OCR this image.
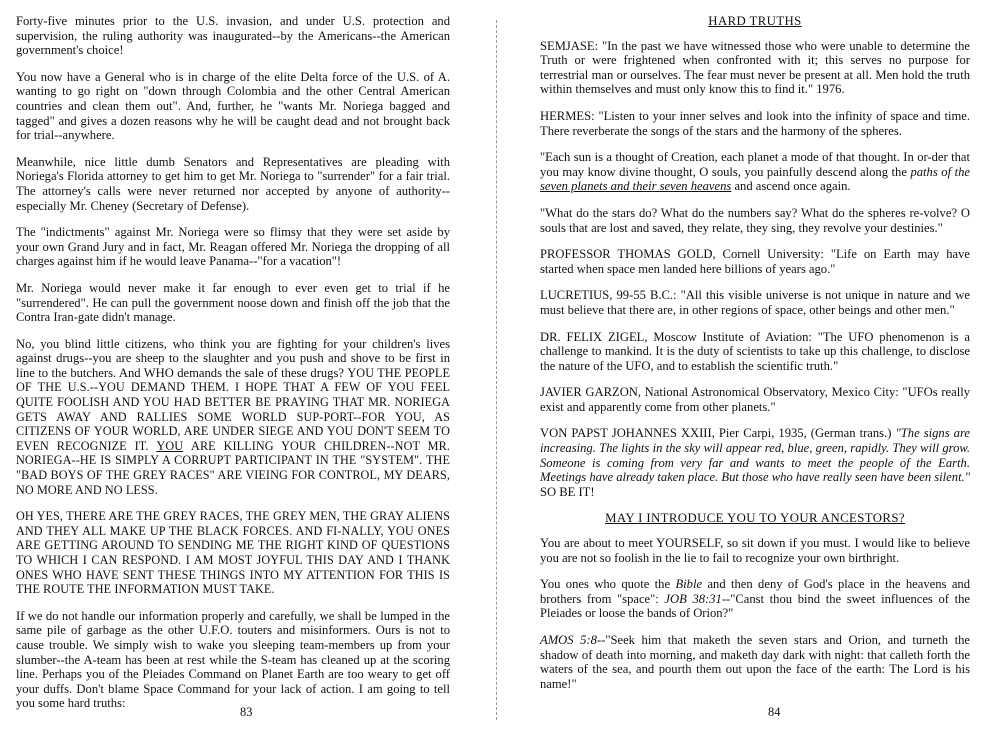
Forty-five minutes prior to the U.S. invasion, and under U.S. protection and supervision, the ruling authority was inaugurated--by the Americans--the American government's choice!

You now have a General who is in charge of the elite Delta force of the U.S. of A. wanting to go right on "down through Colombia and the other Central American countries and clean them out". And, further, he "wants Mr. Noriega bagged and tagged" and gives a dozen reasons why he will be caught dead and not brought back for trial--anywhere.

Meanwhile, nice little dumb Senators and Representatives are pleading with Noriega's Florida attorney to get him to get Mr. Noriega to "surrender" for a fair trial. The attorney's calls were never returned nor accepted by anyone of authority--especially Mr. Cheney (Secretary of Defense).

The "indictments" against Mr. Noriega were so flimsy that they were set aside by your own Grand Jury and in fact, Mr. Reagan offered Mr. Noriega the dropping of all charges against him if he would leave Panama--"for a vacation"!

Mr. Noriega would never make it far enough to ever even get to trial if he "surrendered". He can pull the government noose down and finish off the job that the Contra Iran-gate didn't manage.

No, you blind little citizens, who think you are fighting for your children's lives against drugs--you are sheep to the slaughter and you push and shove to be first in line to the butchers. And WHO demands the sale of these drugs? YOU THE PEOPLE OF THE U.S.--YOU DEMAND THEM. I HOPE THAT A FEW OF YOU FEEL QUITE FOOLISH AND YOU HAD BETTER BE PRAYING THAT MR. NORIEGA GETS AWAY AND RALLIES SOME WORLD SUP-PORT--FOR YOU, AS CITIZENS OF YOUR WORLD, ARE UNDER SIEGE AND YOU DON'T SEEM TO EVEN RECOGNIZE IT. YOU ARE KILLING YOUR CHILDREN--NOT MR. NORIEGA--HE IS SIMPLY A CORRUPT PARTICIPANT IN THE "SYSTEM". THE "BAD BOYS OF THE GREY RACES" ARE VIEING FOR CONTROL, MY DEARS, NO MORE AND NO LESS.

OH YES, THERE ARE THE GREY RACES, THE GREY MEN, THE GRAY ALIENS AND THEY ALL MAKE UP THE BLACK FORCES. AND FI-NALLY, YOU ONES ARE GETTING AROUND TO SENDING ME THE RIGHT KIND OF QUESTIONS TO WHICH I CAN RESPOND. I AM MOST JOYFUL THIS DAY AND I THANK ONES WHO HAVE SENT THESE THINGS INTO MY ATTENTION FOR THIS IS THE ROUTE THE INFORMATION MUST TAKE.

If we do not handle our information properly and carefully, we shall be lumped in the same pile of garbage as the other U.F.O. touters and misinformers. Ours is not to cause trouble. We simply wish to wake you sleeping team-members up from your slumber--the A-team has been at rest while the S-team has cleaned up at the scoring line. Perhaps you of the Pleiades Command on Planet Earth are too weary to get off your duffs. Don't blame Space Command for your lack of action. I am going to tell you some hard truths:

83
HARD TRUTHS

SEMJASE: "In the past we have witnessed those who were unable to determine the Truth or were frightened when confronted with it; this serves no purpose for terrestrial man or ourselves. The fear must never be present at all. Men hold the truth within themselves and must only know this to find it." 1976.

HERMES: "Listen to your inner selves and look into the infinity of space and time. There reverberate the songs of the stars and the harmony of the spheres.

"Each sun is a thought of Creation, each planet a mode of that thought. In or-der that you may know divine thought, O souls, you painfully descend along the paths of the seven planets and their seven heavens and ascend once again.

"What do the stars do? What do the numbers say? What do the spheres re-volve? O souls that are lost and saved, they relate, they sing, they revolve your destinies."

PROFESSOR THOMAS GOLD, Cornell University: "Life on Earth may have started when space men landed here billions of years ago."

LUCRETIUS, 99-55 B.C.: "All this visible universe is not unique in nature and we must believe that there are, in other regions of space, other beings and other men."

DR. FELIX ZIGEL, Moscow Institute of Aviation: "The UFO phenomenon is a challenge to mankind. It is the duty of scientists to take up this challenge, to disclose the nature of the UFO, and to establish the scientific truth."

JAVIER GARZON, National Astronomical Observatory, Mexico City: "UFOs really exist and apparently come from other planets."

VON PAPST JOHANNES XXIII, Pier Carpi, 1935, (German trans.) "The signs are increasing. The lights in the sky will appear red, blue, green, rapidly. They will grow. Someone is coming from very far and wants to meet the people of the Earth. Meetings have already taken place. But those who have really seen have been silent." SO BE IT!

MAY I INTRODUCE YOU TO YOUR ANCESTORS?

You are about to meet YOURSELF, so sit down if you must. I would like to believe you are not so foolish in the lie to fail to recognize your own birthright.

You ones who quote the Bible and then deny of God's place in the heavens and brothers from "space": JOB 38:31--"Canst thou bind the sweet influences of the Pleiades or loose the bands of Orion?"

AMOS 5:8--"Seek him that maketh the seven stars and Orion, and turneth the shadow of death into morning, and maketh day dark with night: that calleth forth the waters of the sea, and pourth them out upon the face of the earth: The Lord is his name!"

84
